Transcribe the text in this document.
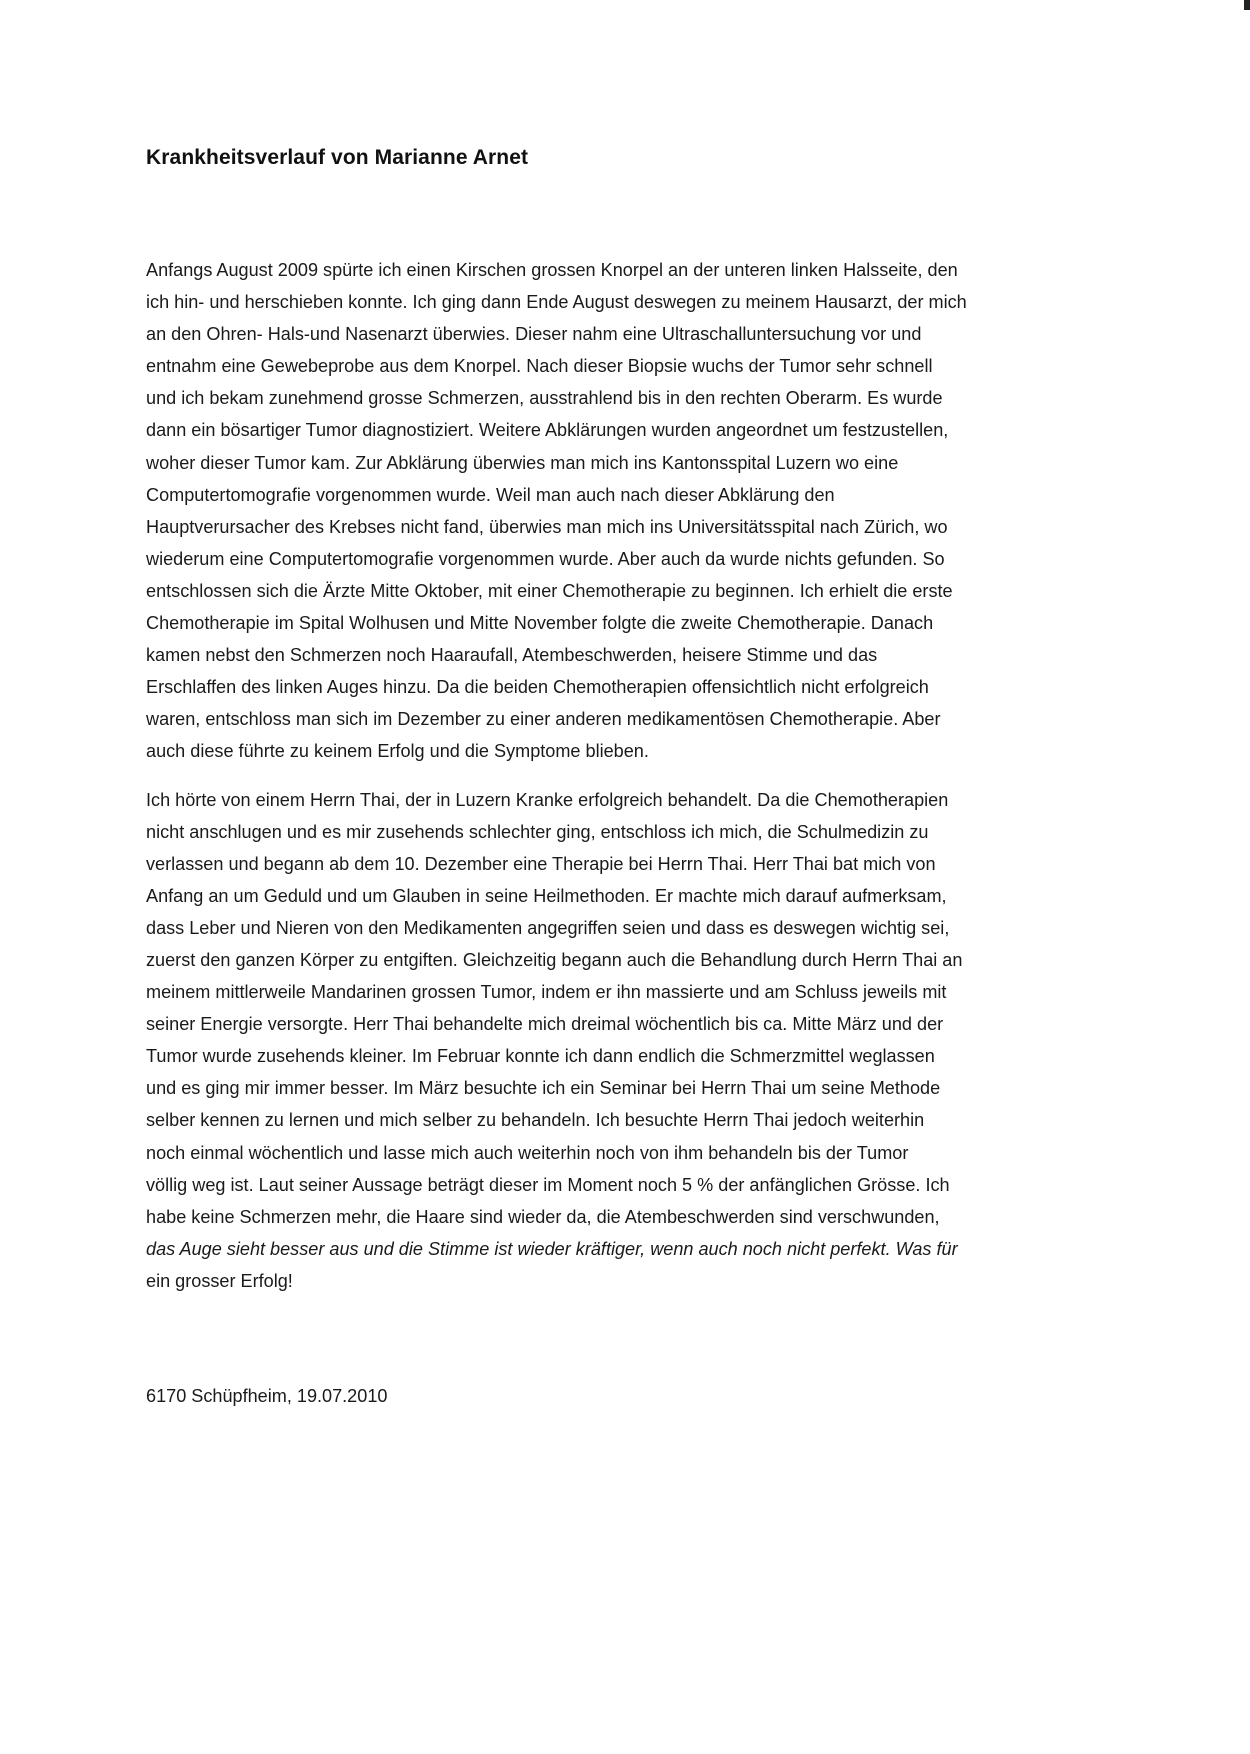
Krankheitsverlauf von Marianne Arnet

Anfangs August 2009 spürte ich einen Kirschen grossen Knorpel an der unteren linken Halsseite, den
ich hin- und herschieben konnte. Ich ging dann Ende August deswegen zu meinem Hausarzt, der mich
an den Ohren- Hals-und Nasenarzt überwies. Dieser nahm eine Ultraschalluntersuchung vor und
entnahm eine Gewebeprobe aus dem Knorpel. Nach dieser Biopsie wuchs der Tumor sehr schnell
und ich bekam zunehmend grosse Schmerzen, ausstrahlend bis in den rechten Oberarm. Es wurde
dann ein bösartiger Tumor diagnostiziert. Weitere Abklärungen wurden angeordnet um festzustellen,
woher dieser Tumor kam. Zur Abklärung überwies man mich ins Kantonsspital Luzern wo eine
Computertomografie vorgenommen wurde. Weil man auch nach dieser Abklärung den
Hauptverursacher des Krebses nicht fand, überwies man mich ins Universitätsspital nach Zürich, wo
wiederum eine Computertomografie vorgenommen wurde. Aber auch da wurde nichts gefunden. So
entschlossen sich die Ärzte Mitte Oktober, mit einer Chemotherapie zu beginnen. Ich erhielt die erste
Chemotherapie im Spital Wolhusen und Mitte November folgte die zweite Chemotherapie. Danach
kamen nebst den Schmerzen noch Haaraufall, Atembeschwerden, heisere Stimme und das
Erschlaffen des linken Auges hinzu. Da die beiden Chemotherapien offensichtlich nicht erfolgreich
waren, entschloss man sich im Dezember zu einer anderen medikamentösen Chemotherapie. Aber
auch diese führte zu keinem Erfolg und die Symptome blieben.

Ich hörte von einem Herrn Thai, der in Luzern Kranke erfolgreich behandelt. Da die Chemotherapien
nicht anschlugen und es mir zusehends schlechter ging, entschloss ich mich, die Schulmedizin zu
verlassen und begann ab dem 10. Dezember eine Therapie bei Herrn Thai. Herr Thai bat mich von
Anfang an um Geduld und um Glauben in seine Heilmethoden. Er machte mich darauf aufmerksam,
dass Leber und Nieren von den Medikamenten angegriffen seien und dass es deswegen wichtig sei,
zuerst den ganzen Körper zu entgiften. Gleichzeitig begann auch die Behandlung durch Herrn Thai an
meinem mittlerweile Mandarinen grossen Tumor, indem er ihn massierte und am Schluss jeweils mit
seiner Energie versorgte. Herr Thai behandelte mich dreimal wöchentlich bis ca. Mitte März und der
Tumor wurde zusehends kleiner. Im Februar konnte ich dann endlich die Schmerzmittel weglassen
und es ging mir immer besser. Im März besuchte ich ein Seminar bei Herrn Thai um seine Methode
selber kennen zu lernen und mich selber zu behandeln. Ich besuchte Herrn Thai jedoch weiterhin
noch einmal wöchentlich und lasse mich auch weiterhin noch von ihm behandeln bis der Tumor
völlig weg ist. Laut seiner Aussage beträgt dieser im Moment noch 5 % der anfänglichen Grösse. Ich
habe keine Schmerzen mehr, die Haare sind wieder da, die Atembeschwerden sind verschwunden,
das Auge sieht besser aus und die Stimme ist wieder kräftiger, wenn auch noch nicht perfekt. Was für
ein grosser Erfolg!

6170 Schüpfheim, 19.07.2010
